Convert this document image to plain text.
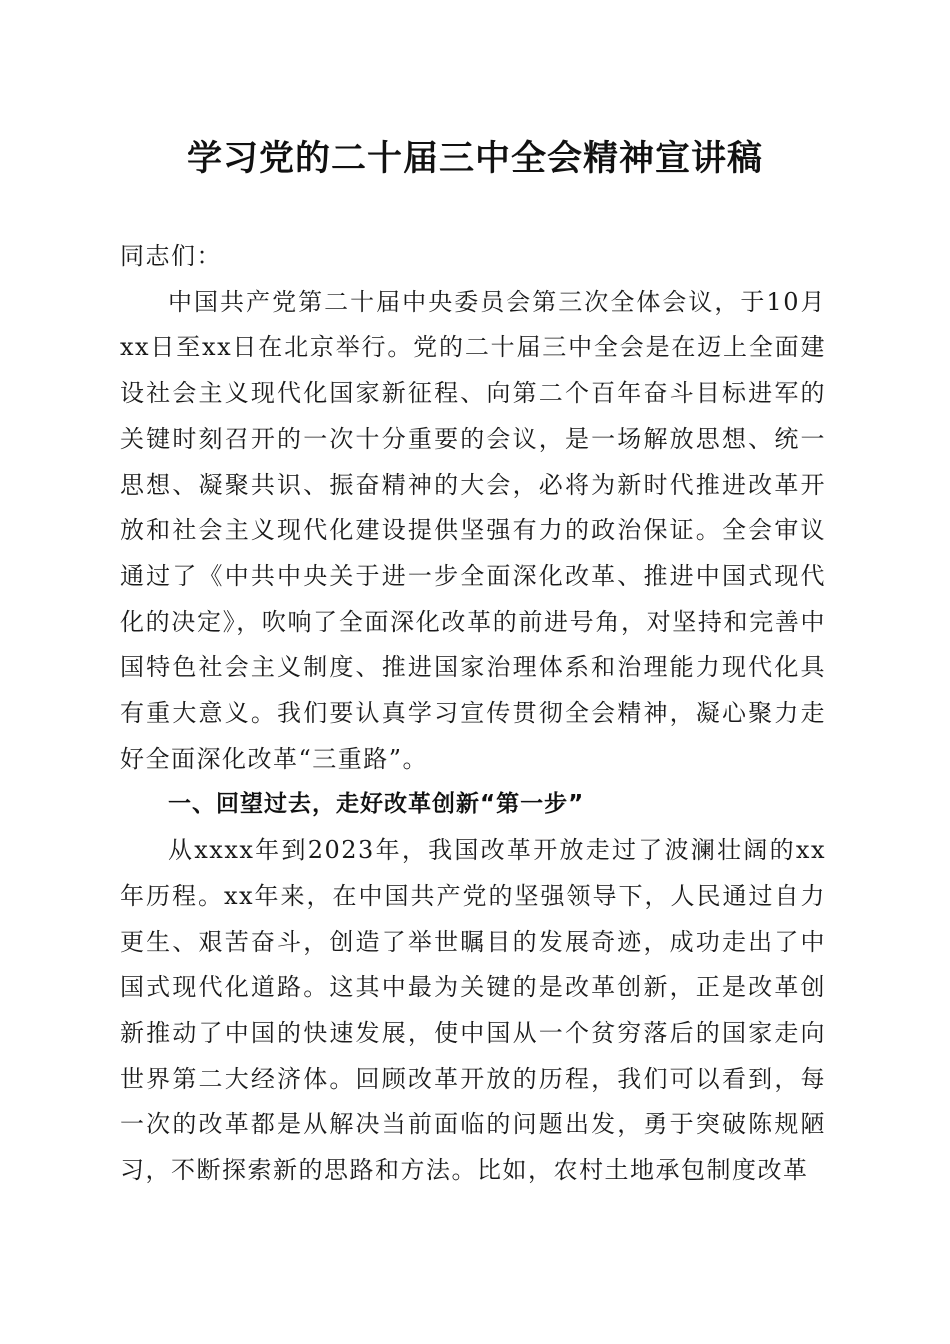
学习党的二十届三中全会精神宣讲稿

同志们：

中国共产党第二十届中央委员会第三次全体会议，于10月xx日至xx日在北京举行。党的二十届三中全会是在迈上全面建设社会主义现代化国家新征程、向第二个百年奋斗目标进军的关键时刻召开的一次十分重要的会议，是一场解放思想、统一思想、凝聚共识、振奋精神的大会，必将为新时代推进改革开放和社会主义现代化建设提供坚强有力的政治保证。全会审议通过了《中共中央关于进一步全面深化改革、推进中国式现代化的决定》，吹响了全面深化改革的前进号角，对坚持和完善中国特色社会主义制度、推进国家治理体系和治理能力现代化具有重大意义。我们要认真学习宣传贯彻全会精神，凝心聚力走好全面深化改革“三重路”。

一、回望过去，走好改革创新“第一步”

从xxxx年到2023年，我国改革开放走过了波澜壮阔的xx年历程。xx年来，在中国共产党的坚强领导下，人民通过自力更生、艰苦奋斗，创造了举世瞩目的发展奇迹，成功走出了中国式现代化道路。这其中最为关键的是改革创新，正是改革创新推动了中国的快速发展，使中国从一个贫穷落后的国家走向世界第二大经济体。回顾改革开放的历程，我们可以看到，每一次的改革都是从解决当前面临的问题出发，勇于突破陈规陋习，不断探索新的思路和方法。比如，农村土地承包制度改革
